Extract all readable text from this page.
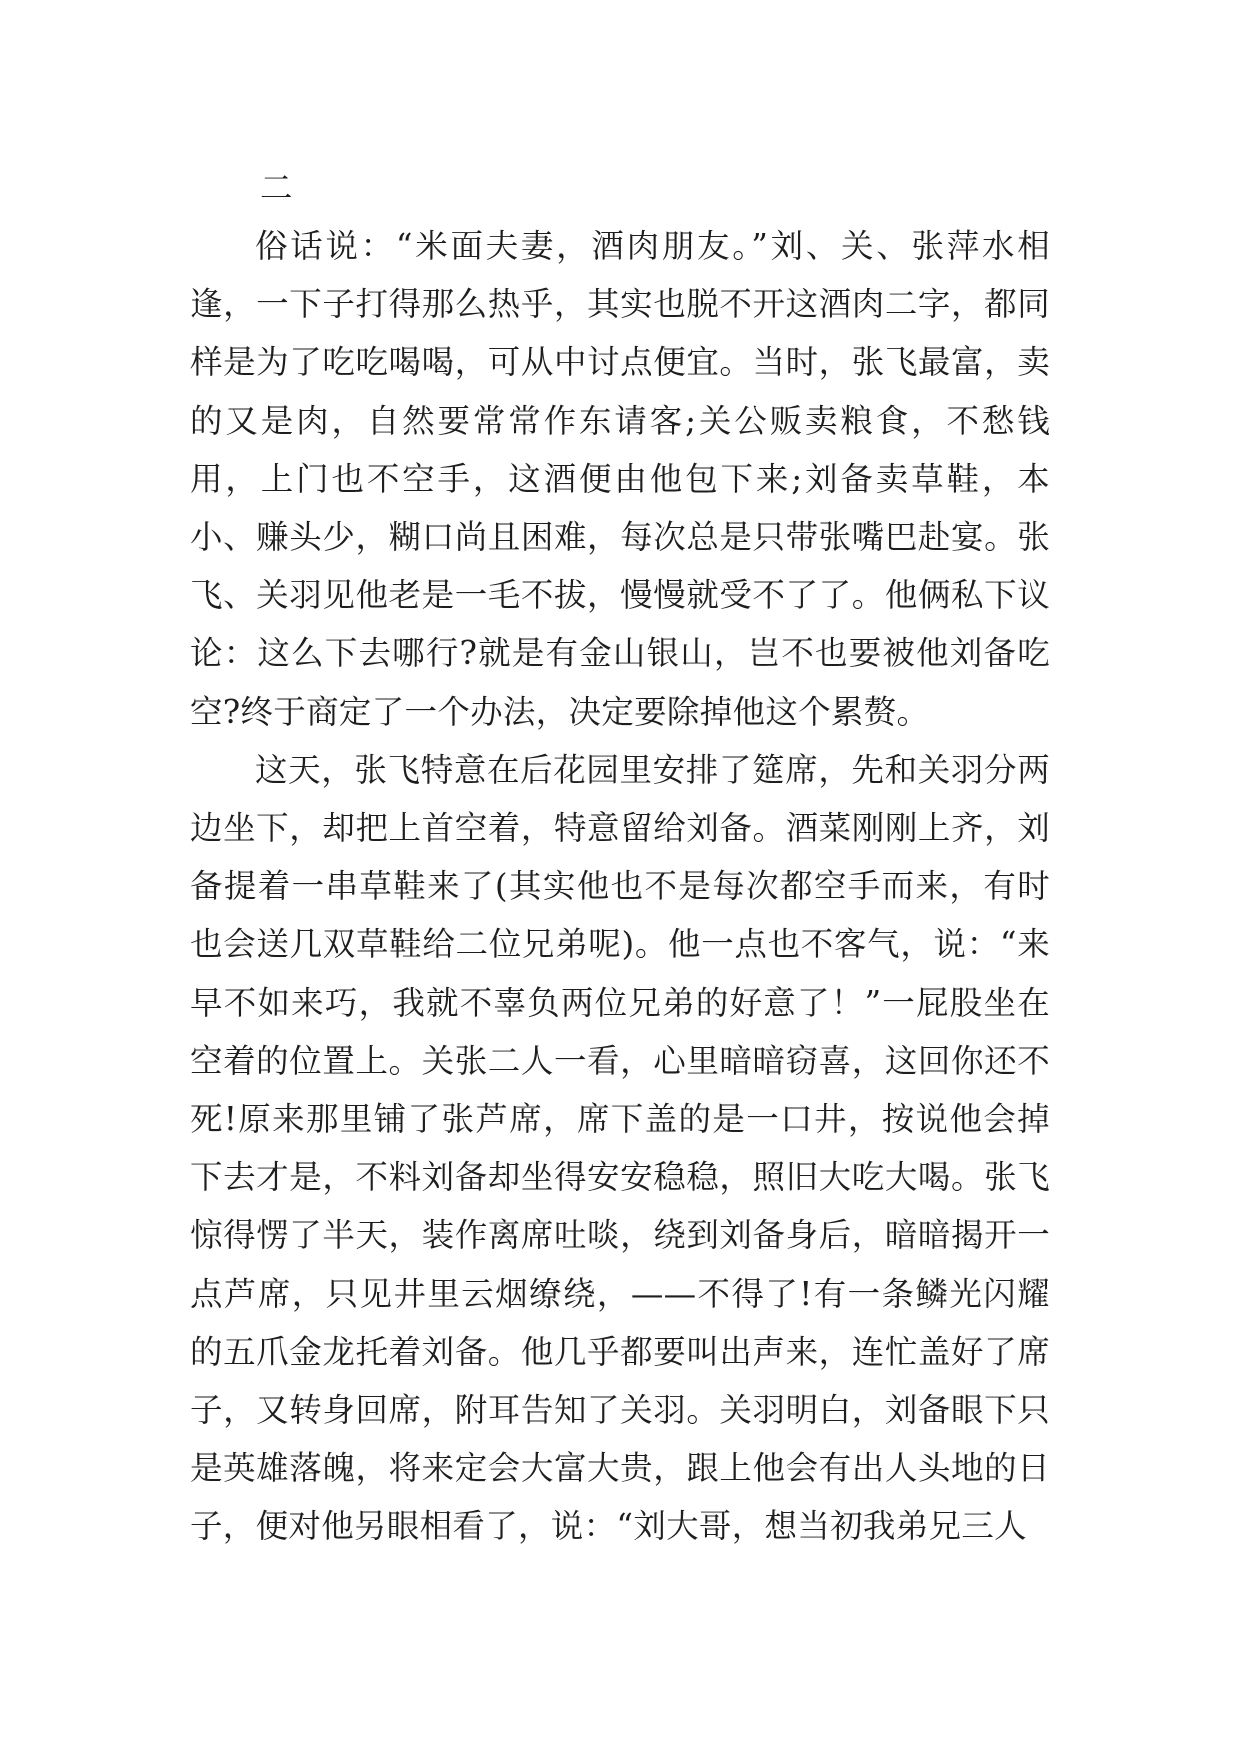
二

俗话说：“米面夫妻，酒肉朋友。”刘、关、张萍水相逢，一下子打得那么热乎，其实也脱不开这酒肉二字，都同样是为了吃吃喝喝，可从中讨点便宜。当时，张飞最富，卖的又是肉，自然要常常作东请客;关公贩卖粮食，不愁钱用，上门也不空手，这酒便由他包下来;刘备卖草鞋，本小、赚头少，糊口尚且困难，每次总是只带张嘴巴赴宴。张飞、关羽见他老是一毛不拔，慢慢就受不了了。他俩私下议论：这么下去哪行?就是有金山银山，岂不也要被他刘备吃空?终于商定了一个办法，决定要除掉他这个累赘。

这天，张飞特意在后花园里安排了筵席，先和关羽分两边坐下，却把上首空着，特意留给刘备。酒菜刚刚上齐，刘备提着一串草鞋来了(其实他也不是每次都空手而来，有时也会送几双草鞋给二位兄弟呢)。他一点也不客气，说：“来早不如来巧，我就不辜负两位兄弟的好意了！”一屁股坐在空着的位置上。关张二人一看，心里暗暗窃喜，这回你还不死!原来那里铺了张芦席，席下盖的是一口井，按说他会掉下去才是，不料刘备却坐得安安稳稳，照旧大吃大喝。张飞惊得愣了半天，装作离席吐啖，绕到刘备身后，暗暗揭开一点芦席，只见井里云烟缭绕，——不得了!有一条鳞光闪耀的五爪金龙托着刘备。他几乎都要叫出声来，连忙盖好了席子，又转身回席，附耳告知了关羽。关羽明白，刘备眼下只是英雄落魄，将来定会大富大贵，跟上他会有出人头地的日子，便对他另眼相看了，说：“刘大哥，想当初我弟兄三人
